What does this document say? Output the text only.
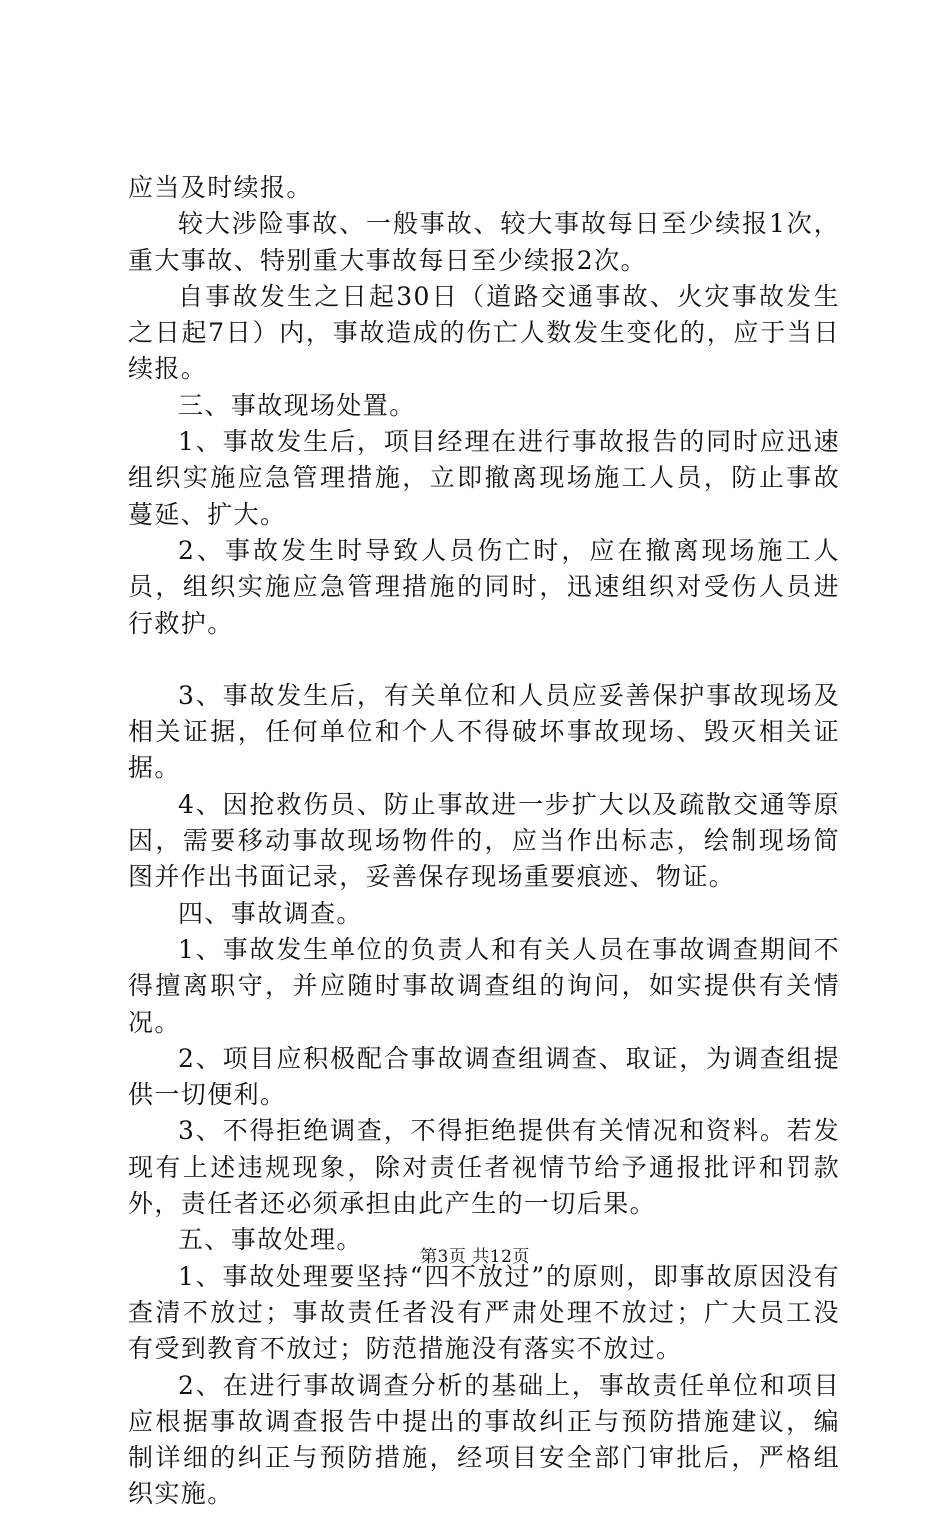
应当及时续报。

较大涉险事故、一般事故、较大事故每日至少续报1次，重大事故、特别重大事故每日至少续报2次。

自事故发生之日起30日（道路交通事故、火灾事故发生之日起7日）内，事故造成的伤亡人数发生变化的，应于当日续报。

三、事故现场处置。

1、事故发生后，项目经理在进行事故报告的同时应迅速组织实施应急管理措施，立即撤离现场施工人员，防止事故蔓延、扩大。

2、事故发生时导致人员伤亡时，应在撤离现场施工人员，组织实施应急管理措施的同时，迅速组织对受伤人员进行救护。

3、事故发生后，有关单位和人员应妥善保护事故现场及相关证据，任何单位和个人不得破坏事故现场、毁灭相关证据。

4、因抢救伤员、防止事故进一步扩大以及疏散交通等原因，需要移动事故现场物件的，应当作出标志，绘制现场简图并作出书面记录，妥善保存现场重要痕迹、物证。

四、事故调查。

1、事故发生单位的负责人和有关人员在事故调查期间不得擅离职守，并应随时事故调查组的询问，如实提供有关情况。

2、项目应积极配合事故调查组调查、取证，为调查组提供一切便利。

3、不得拒绝调查，不得拒绝提供有关情况和资料。若发现有上述违规现象，除对责任者视情节给予通报批评和罚款外，责任者还必须承担由此产生的一切后果。

五、事故处理。

1、事故处理要坚持“四不放过”的原则，即事故原因没有查清不放过；事故责任者没有严肃处理不放过；广大员工没有受到教育不放过；防范措施没有落实不放过。

2、在进行事故调查分析的基础上，事故责任单位和项目应根据事故调查报告中提出的事故纠正与预防措施建议，编制详细的纠正与预防措施，经项目安全部门审批后，严格组织实施。

第3页 共12页
